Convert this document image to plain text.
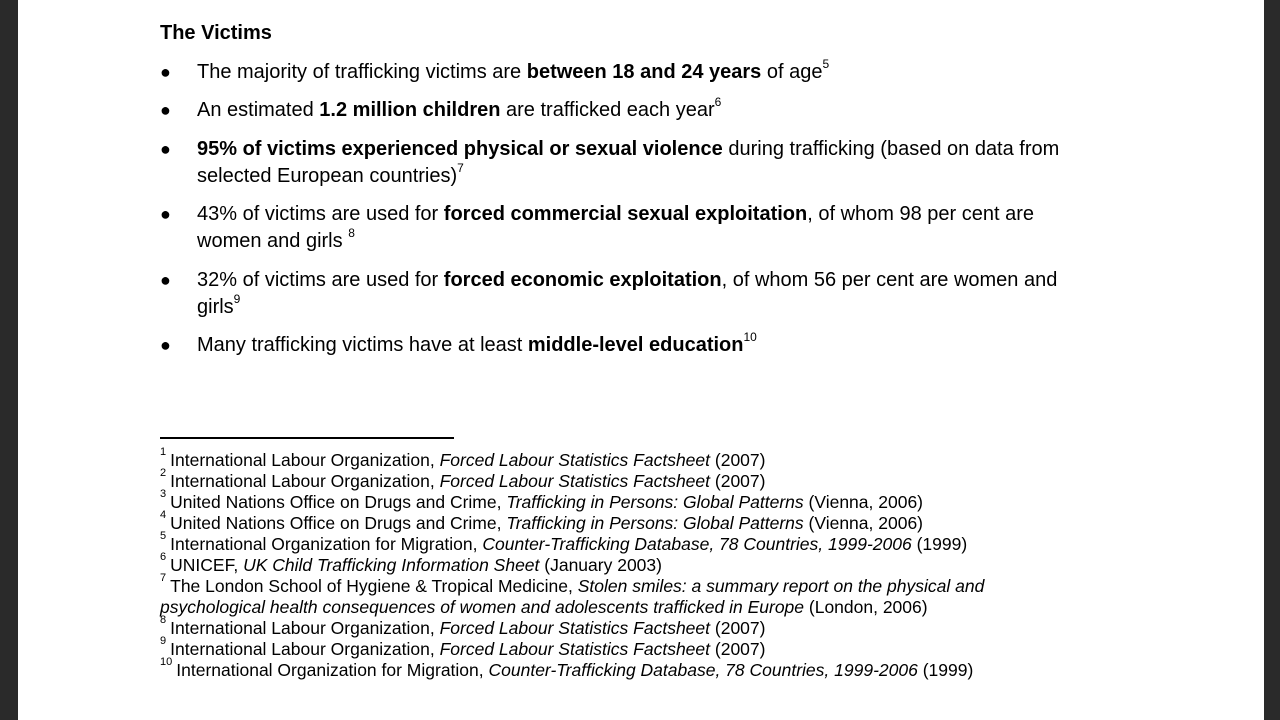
The Victims
●	The majority of trafficking victims are between 18 and 24 years of age$^5$
●	An estimated 1.2 million children are trafficked each year$^6$
●	95% of victims experienced physical or sexual violence during trafficking (based on data from selected European countries)$^7$
●	43% of victims are used for forced commercial sexual exploitation, of whom 98 per cent are women and girls $^8$
●	32% of victims are used for forced economic exploitation, of whom 56 per cent are women and girls$^9$
●	Many trafficking victims have at least middle-level education$^{10}$
$^1$ International Labour Organization, Forced Labour Statistics Factsheet (2007)
$^2$ International Labour Organization, Forced Labour Statistics Factsheet (2007)
$^3$ United Nations Office on Drugs and Crime, Trafficking in Persons: Global Patterns (Vienna, 2006)
$^4$ United Nations Office on Drugs and Crime, Trafficking in Persons: Global Patterns (Vienna, 2006)
$^5$ International Organization for Migration, Counter-Trafficking Database, 78 Countries, 1999-2006 (1999)
$^6$ UNICEF, UK Child Trafficking Information Sheet (January 2003)
$^7$ The London School of Hygiene & Tropical Medicine, Stolen smiles: a summary report on the physical and psychological health consequences of women and adolescents trafficked in Europe (London, 2006)
$^8$ International Labour Organization, Forced Labour Statistics Factsheet (2007)
$^9$ International Labour Organization, Forced Labour Statistics Factsheet (2007)
$^{10}$ International Organization for Migration, Counter-Trafficking Database, 78 Countries, 1999-2006 (1999)
